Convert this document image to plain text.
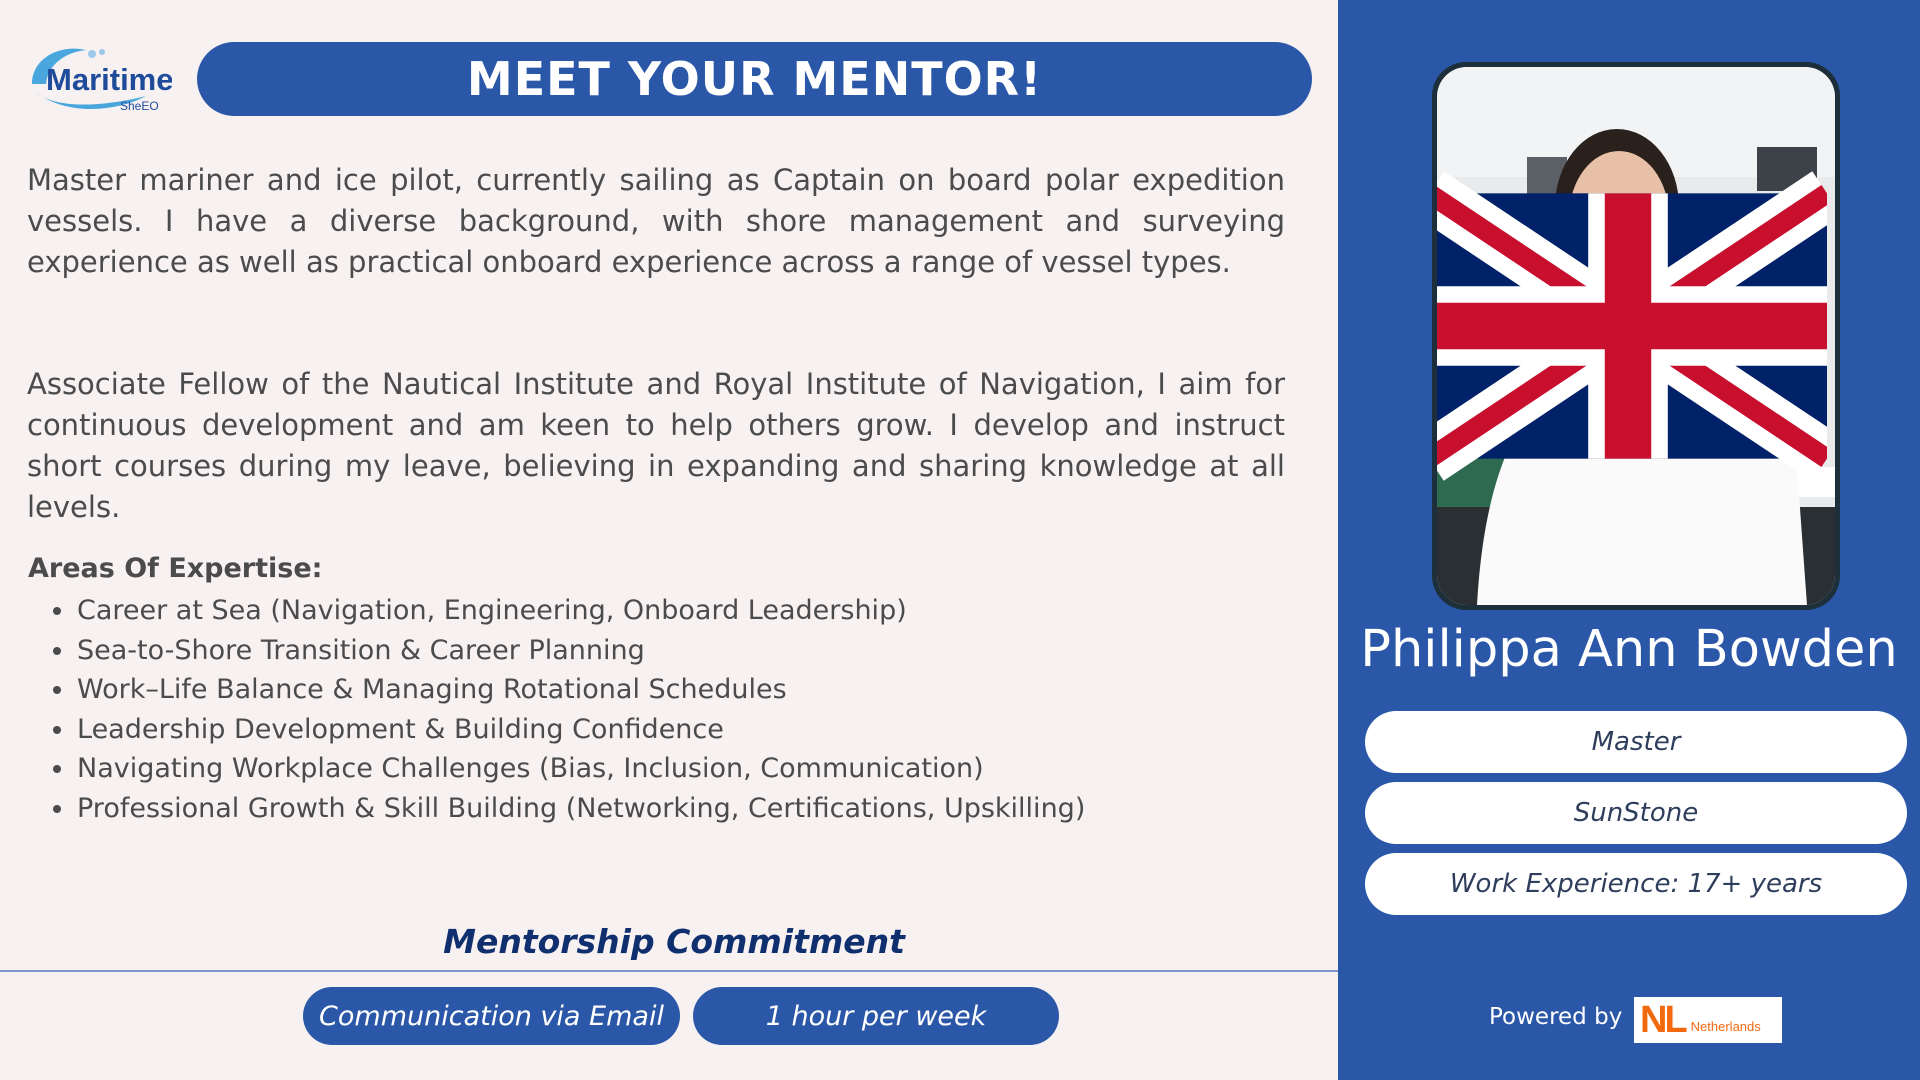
Maritime
SheEO	MEET YOUR MENTOR!

Master mariner and ice pilot, currently sailing as Captain on board polar expedition vessels. I have a diverse background, with shore management and surveying experience as well as practical onboard experience across a range of vessel types.

Associate Fellow of the Nautical Institute and Royal Institute of Navigation, I aim for continuous development and am keen to help others grow. I develop and instruct short courses during my leave, believing in expanding and sharing knowledge at all levels.

Areas Of Expertise:
• Career at Sea (Navigation, Engineering, Onboard Leadership)
• Sea-to-Shore Transition & Career Planning
• Work–Life Balance & Managing Rotational Schedules
• Leadership Development & Building Confidence
• Navigating Workplace Challenges (Bias, Inclusion, Communication)
• Professional Growth & Skill Building (Networking, Certifications, Upskilling)
Mentorship Commitment
Communication via Email	1 hour per week
Philippa Ann Bowden
Master
SunStone
Work Experience: 17+ years
Powered by NL Netherlands
